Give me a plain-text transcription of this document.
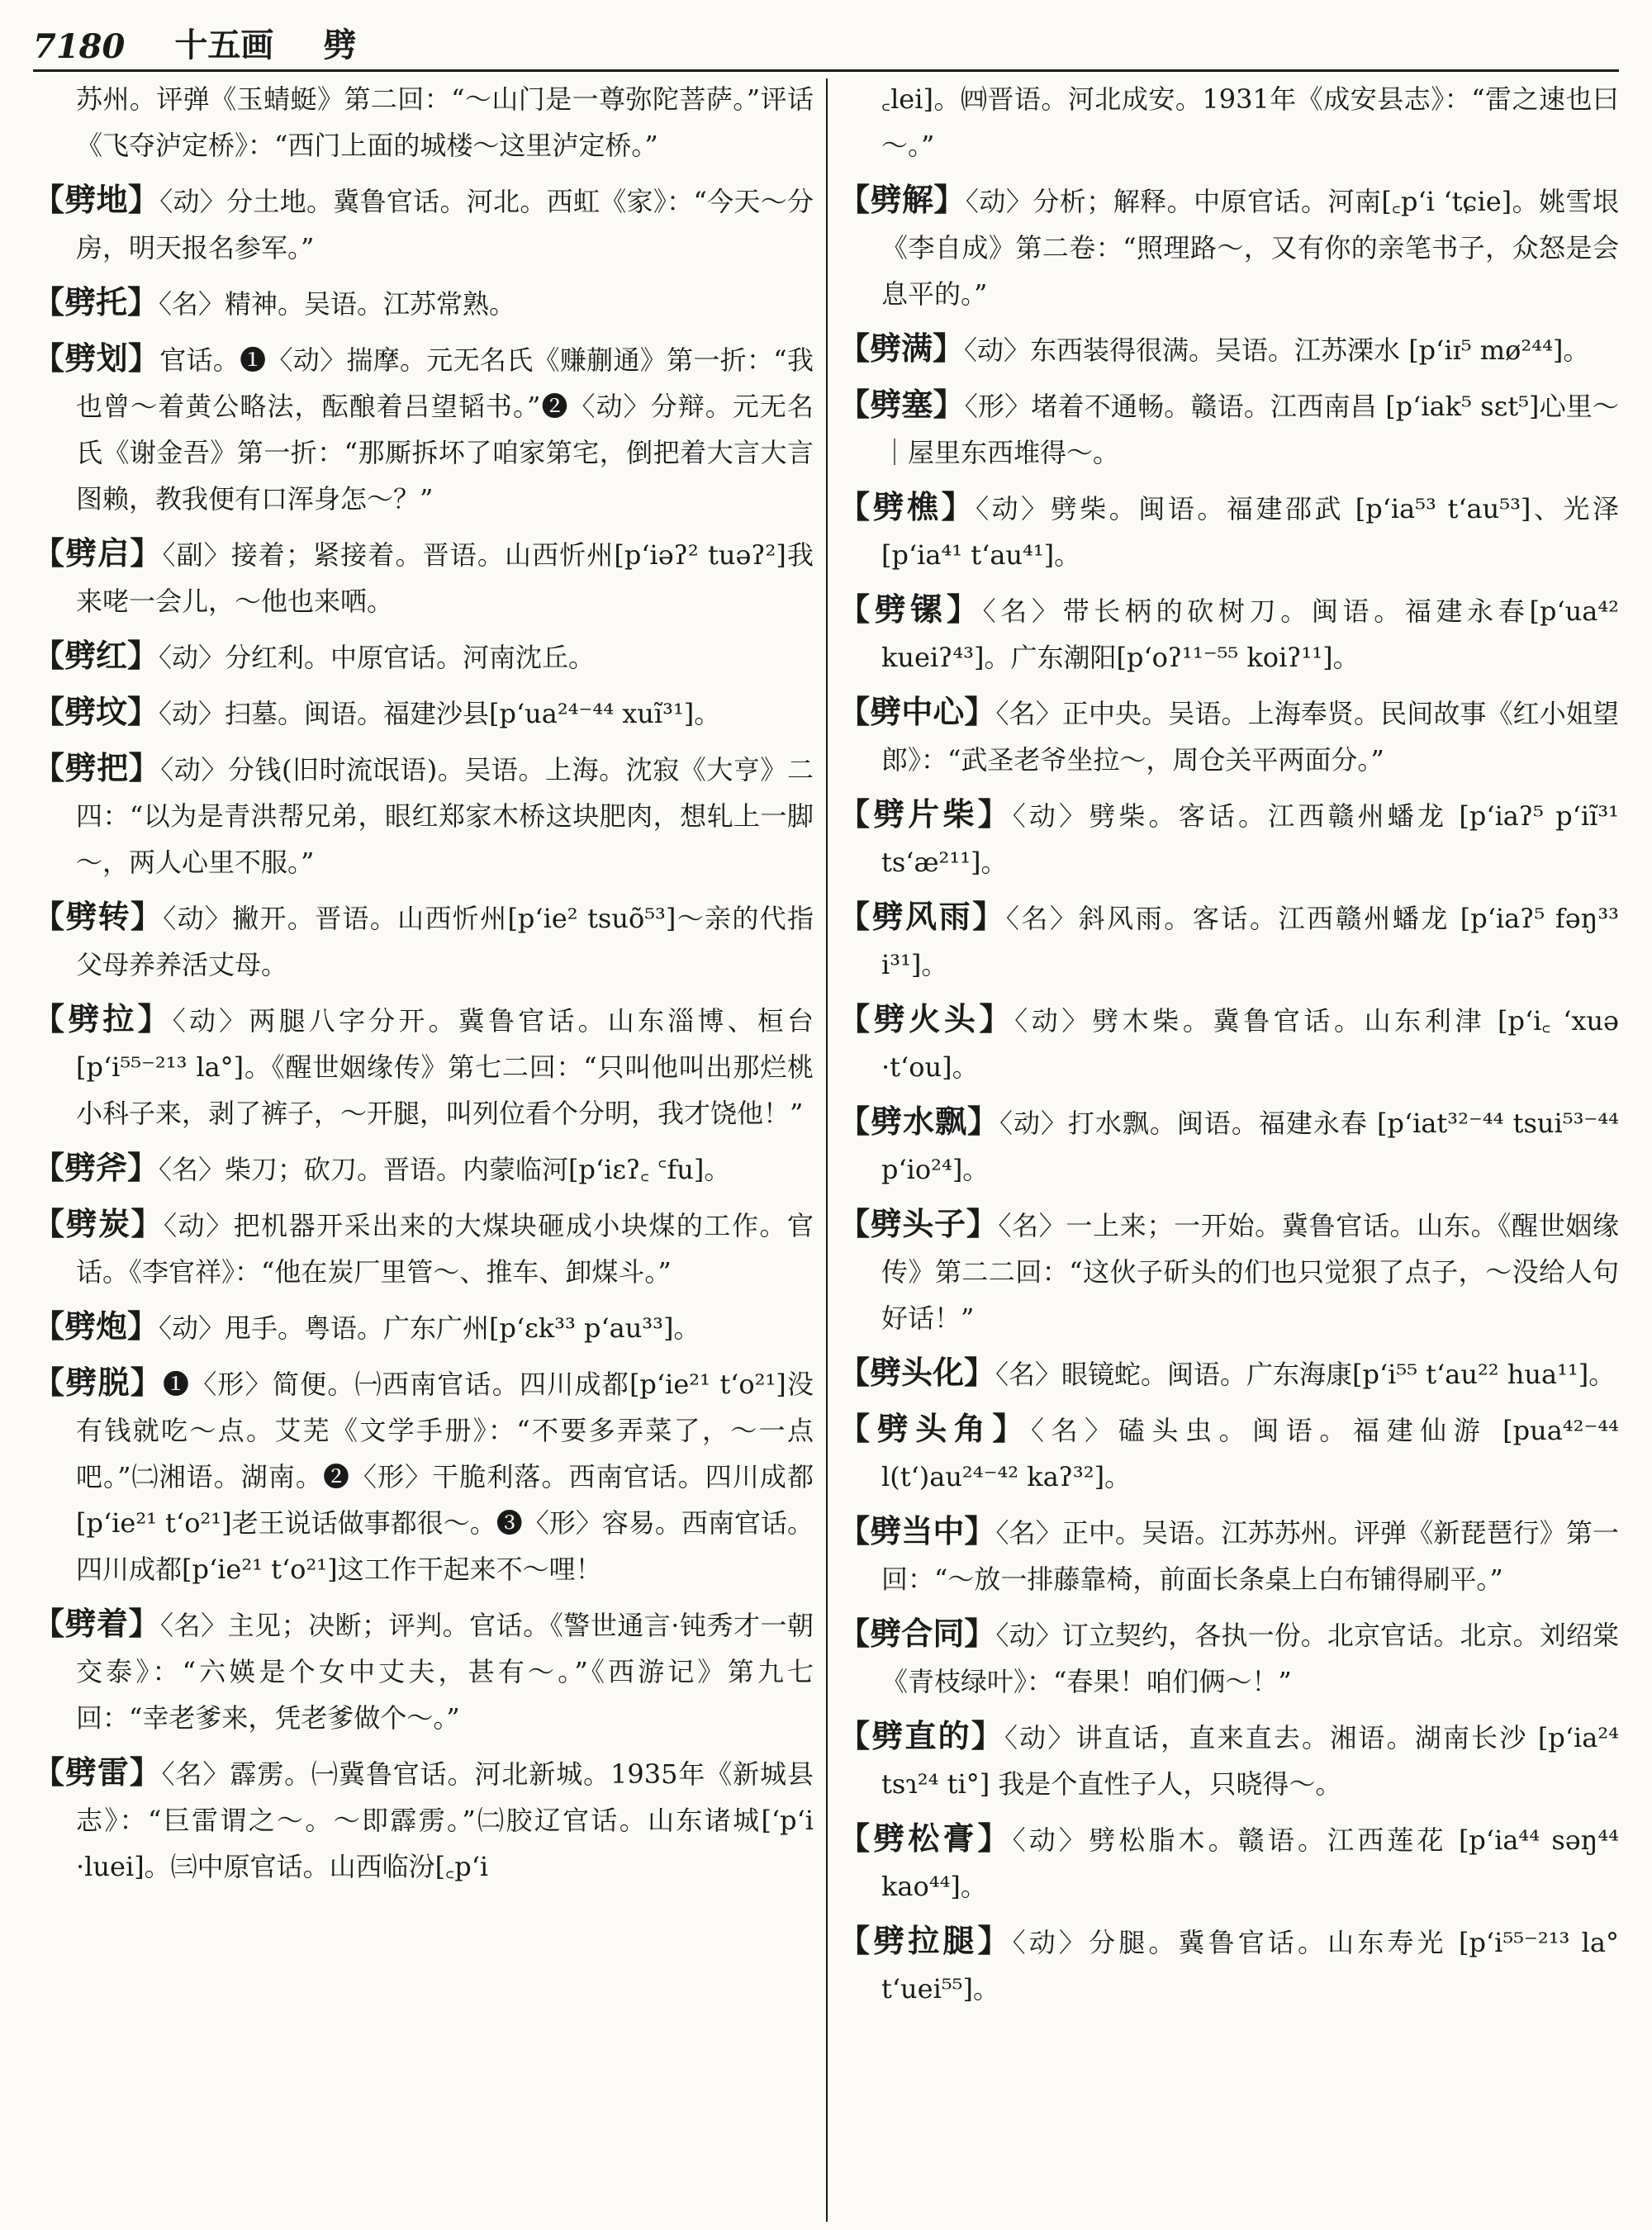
7180 十五画 劈

苏州。评弹《玉蜻蜓》第二回：“～山门是一尊弥陀菩萨。”评话《飞夺泸定桥》：“西门上面的城楼～这里泸定桥。”

【劈地】〈动〉分土地。冀鲁官话。河北。西虹《家》：“今天～分房，明天报名参军。”

【劈托】〈名〉精神。吴语。江苏常熟。

【劈划】官话。❶〈动〉揣摩。元无名氏《赚蒯通》第一折：“我也曾～着黄公略法，酝酿着吕望韬书。”❷〈动〉分辩。元无名氏《谢金吾》第一折：“那厮拆坏了咱家第宅，倒把着大言大言图赖，教我便有口浑身怎～？”

【劈启】〈副〉接着；紧接着。晋语。山西忻州[pʻiəʔ² tuəʔ²]我来咾一会儿，～他也来哂。

【劈红】〈动〉分红利。中原官话。河南沈丘。

【劈坟】〈动〉扫墓。闽语。福建沙县[pʻua²⁴⁻⁴⁴ xuĩ³¹]。

【劈把】〈动〉分钱(旧时流氓语)。吴语。上海。沈寂《大亨》二四：“以为是青洪帮兄弟，眼红郑家木桥这块肥肉，想轧上一脚～，两人心里不服。”

【劈转】〈动〉撇开。晋语。山西忻州[pʻie² tsuõ⁵³]～亲的代指父母养养活丈母。

【劈拉】〈动〉两腿八字分开。冀鲁官话。山东淄博、桓台[pʻi⁵⁵⁻²¹³ la°]。《醒世姻缘传》第七二回：“只叫他叫出那烂桃小科子来，剥了裤子，～开腿，叫列位看个分明，我才饶他！”

【劈斧】〈名〉柴刀；砍刀。晋语。内蒙临河[pʻiɛʔ꜀ ꜂fu]。

【劈炭】〈动〉把机器开采出来的大煤块砸成小块煤的工作。官话。《李官祥》：“他在炭厂里管～、推车、卸煤斗。”

【劈炮】〈动〉甩手。粤语。广东广州[pʻɛk³³ pʻau³³]。

【劈脱】❶〈形〉简便。㈠西南官话。四川成都[pʻie²¹ tʻo²¹]没有钱就吃～点。艾芜《文学手册》：“不要多弄菜了，～一点吧。”㈡湘语。湖南。❷〈形〉干脆利落。西南官话。四川成都[pʻie²¹ tʻo²¹]老王说话做事都很～。❸〈形〉容易。西南官话。四川成都[pʻie²¹ tʻo²¹]这工作干起来不～哩！

【劈着】〈名〉主见；决断；评判。官话。《警世通言·钝秀才一朝交泰》：“六媖是个女中丈夫，甚有～。”《西游记》第九七回：“幸老爹来，凭老爹做个～。”

【劈雷】〈名〉霹雳。㈠冀鲁官话。河北新城。1935年《新城县志》：“巨雷谓之～。～即霹雳。”㈡胶辽官话。山东诸城[ʻpʻi ·luei]。㈢中原官话。山西临汾[꜀pʻi

꜀lei]。㈣晋语。河北成安。1931年《成安县志》：“雷之速也曰～。”

【劈解】〈动〉分析；解释。中原官话。河南[꜀pʻi ʻtɕie]。姚雪垠《李自成》第二卷：“照理路～，又有你的亲笔书子，众怒是会息平的。”

【劈满】〈动〉东西装得很满。吴语。江苏溧水 [pʻiɪ⁵ mø²⁴⁴]。

【劈塞】〈形〉堵着不通畅。赣语。江西南昌 [pʻiak⁵ sɛt⁵]心里～｜屋里东西堆得～。

【劈樵】〈动〉劈柴。闽语。福建邵武 [pʻia⁵³ tʻau⁵³]、光泽[pʻia⁴¹ tʻau⁴¹]。

【劈镙】〈名〉带长柄的砍树刀。闽语。福建永春[pʻua⁴² kueiʔ⁴³]。广东潮阳[pʻoʔ¹¹⁻⁵⁵ koiʔ¹¹]。

【劈中心】〈名〉正中央。吴语。上海奉贤。民间故事《红小姐望郎》：“武圣老爷坐拉～，周仓关平两面分。”

【劈片柴】〈动〉劈柴。客话。江西赣州蟠龙 [pʻiaʔ⁵ pʻiĩ³¹ tsʻæ²¹¹]。

【劈风雨】〈名〉斜风雨。客话。江西赣州蟠龙 [pʻiaʔ⁵ fəŋ³³ i³¹]。

【劈火头】〈动〉劈木柴。冀鲁官话。山东利津 [pʻi꜀ ʻxuə ·tʻou]。

【劈水飘】〈动〉打水飘。闽语。福建永春 [pʻiat³²⁻⁴⁴ tsui⁵³⁻⁴⁴ pʻio²⁴]。

【劈头子】〈名〉一上来；一开始。冀鲁官话。山东。《醒世姻缘传》第二二回：“这伙子斫头的们也只觉狠了点子，～没给人句好话！”

【劈头化】〈名〉眼镜蛇。闽语。广东海康[pʻi⁵⁵ tʻau²² hua¹¹]。

【劈头角】〈名〉磕头虫。闽语。福建仙游 [pua⁴²⁻⁴⁴ l(tʻ)au²⁴⁻⁴² kaʔ³²]。

【劈当中】〈名〉正中。吴语。江苏苏州。评弹《新琵琶行》第一回：“～放一排藤靠椅，前面长条桌上白布铺得刷平。”

【劈合同】〈动〉订立契约，各执一份。北京官话。北京。刘绍棠《青枝绿叶》：“春果！咱们俩～！”

【劈直的】〈动〉讲直话，直来直去。湘语。湖南长沙 [pʻia²⁴ tsɿ²⁴ ti°] 我是个直性子人，只晓得～。

【劈松膏】〈动〉劈松脂木。赣语。江西莲花 [pʻia⁴⁴ səŋ⁴⁴ kao⁴⁴]。

【劈拉腿】〈动〉分腿。冀鲁官话。山东寿光 [pʻi⁵⁵⁻²¹³ la° tʻuei⁵⁵]。
